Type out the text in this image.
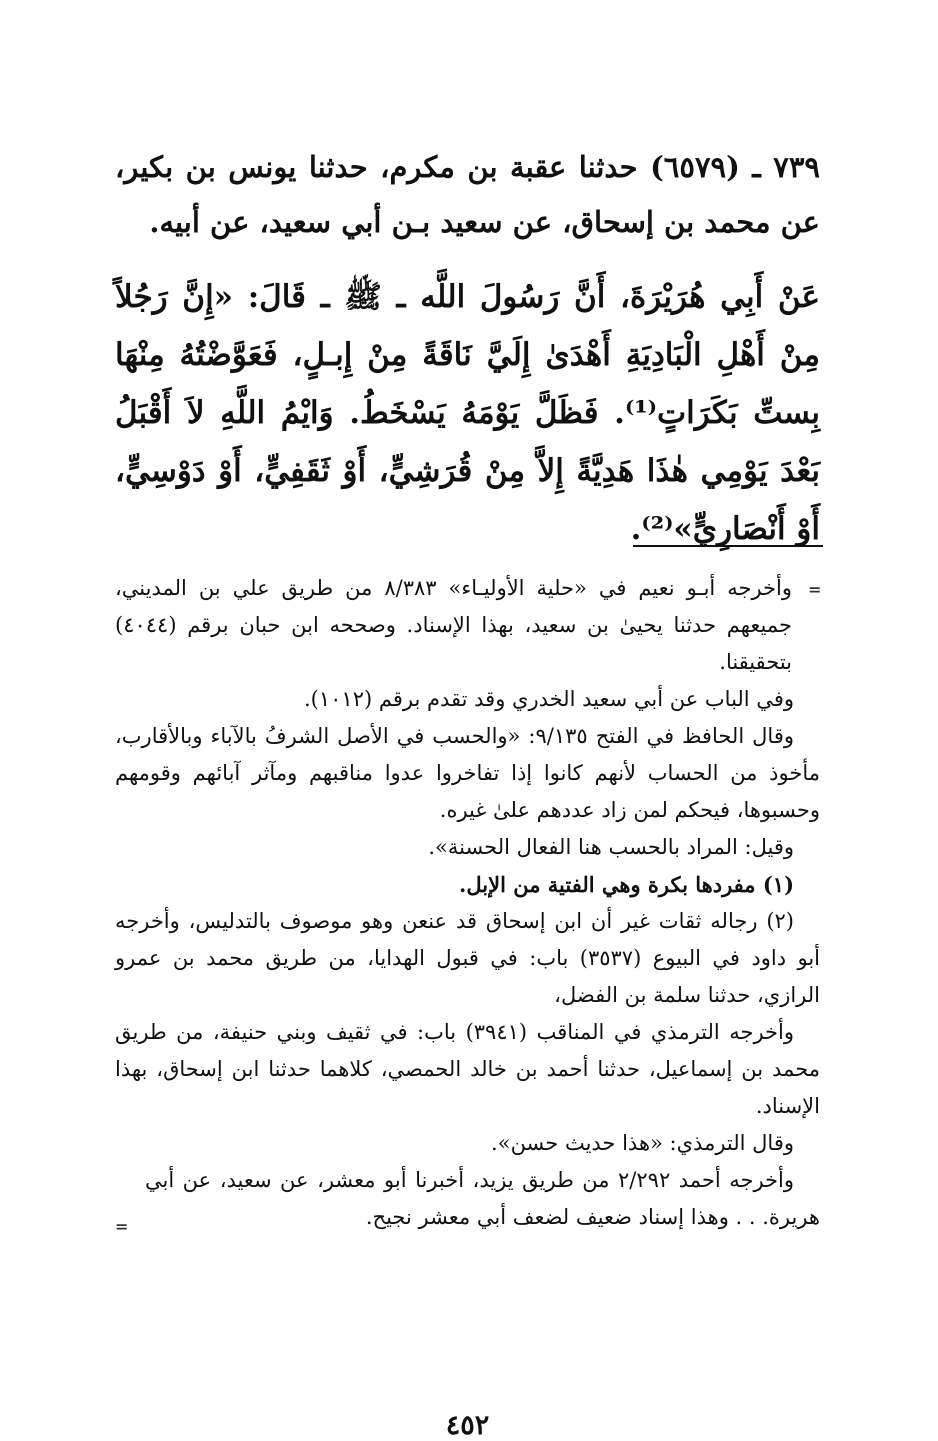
٧٣٩ ـ (٦٥٧٩) حدثنا عقبة بن مكرم، حدثنا يونس بن بكير، عن محمد بن إسحاق، عن سعيد بـن أبي سعيد، عن أبيه.

عَنْ أَبِي هُرَيْرَةَ، أَنَّ رَسُولَ اللَّه ـ ﷺ ـ قَالَ: «إِنَّ رَجُلاً مِنْ أَهْلِ الْبَادِيَةِ أَهْدَىٰ إِلَيَّ نَاقَةً مِنْ إِبـلٍ، فَعَوَّضْتُهُ مِنْهَا بِستِّ بَكَرَاتٍ⁽¹⁾. فَظَلَّ يَوْمَهُ يَسْخَطُ. وَايْمُ اللَّهِ لاَ أَقْبَلُ بَعْدَ يَوْمِي هٰذَا هَدِيَّةً إِلاَّ مِنْ قُرَشِيٍّ، أَوْ ثَقَفِيٍّ، أَوْ دَوْسِيٍّ، أَوْ أَنْصَارِيٍّ»⁽²⁾.

=
=

وأخرجه أبـو نعيم في «حلية الأوليـاء» ٨/٣٨٣ من طريق علي بن المديني، جميعهم حدثنا يحيىٰ بن سعيد، بهذا الإسناد. وصححه ابن حبان برقم (٤٠٤٤) بتحقيقنا.

وفي الباب عن أبي سعيد الخدري وقد تقدم برقم (١٠١٢).

وقال الحافظ في الفتح ٩/١٣٥: «والحسب في الأصل الشرفُ بالآباء وبالأقارب، مأخوذ من الحساب لأنهم كانوا إذا تفاخروا عدوا مناقبهم ومآثر آبائهم وقومهم وحسبوها، فيحكم لمن زاد عددهم علىٰ غيره.

وقيل: المراد بالحسب هنا الفعال الحسنة».

(١) مفردها بكرة وهي الفتية من الإبل.

(٢) رجاله ثقات غير أن ابن إسحاق قد عنعن وهو موصوف بالتدليس، وأخرجه أبو داود في البيوع (٣٥٣٧) باب: في قبول الهدايا، من طريق محمد بن عمرو الرازي، حدثنا سلمة بن الفضل،

وأخرجه الترمذي في المناقب (٣٩٤١) باب: في ثقيف وبني حنيفة، من طريق محمد بن إسماعيل، حدثنا أحمد بن خالد الحمصي، كلاهما حدثنا ابن إسحاق، بهذا الإسناد.

وقال الترمذي: «هذا حديث حسن».

وأخرجه أحمد ٢/٢٩٢ من طريق يزيد، أخبرنا أبو معشر، عن سعيد، عن أبي هريرة. . . وهذا إسناد ضعيف لضعف أبي معشر نجيح.

٤٥٢
